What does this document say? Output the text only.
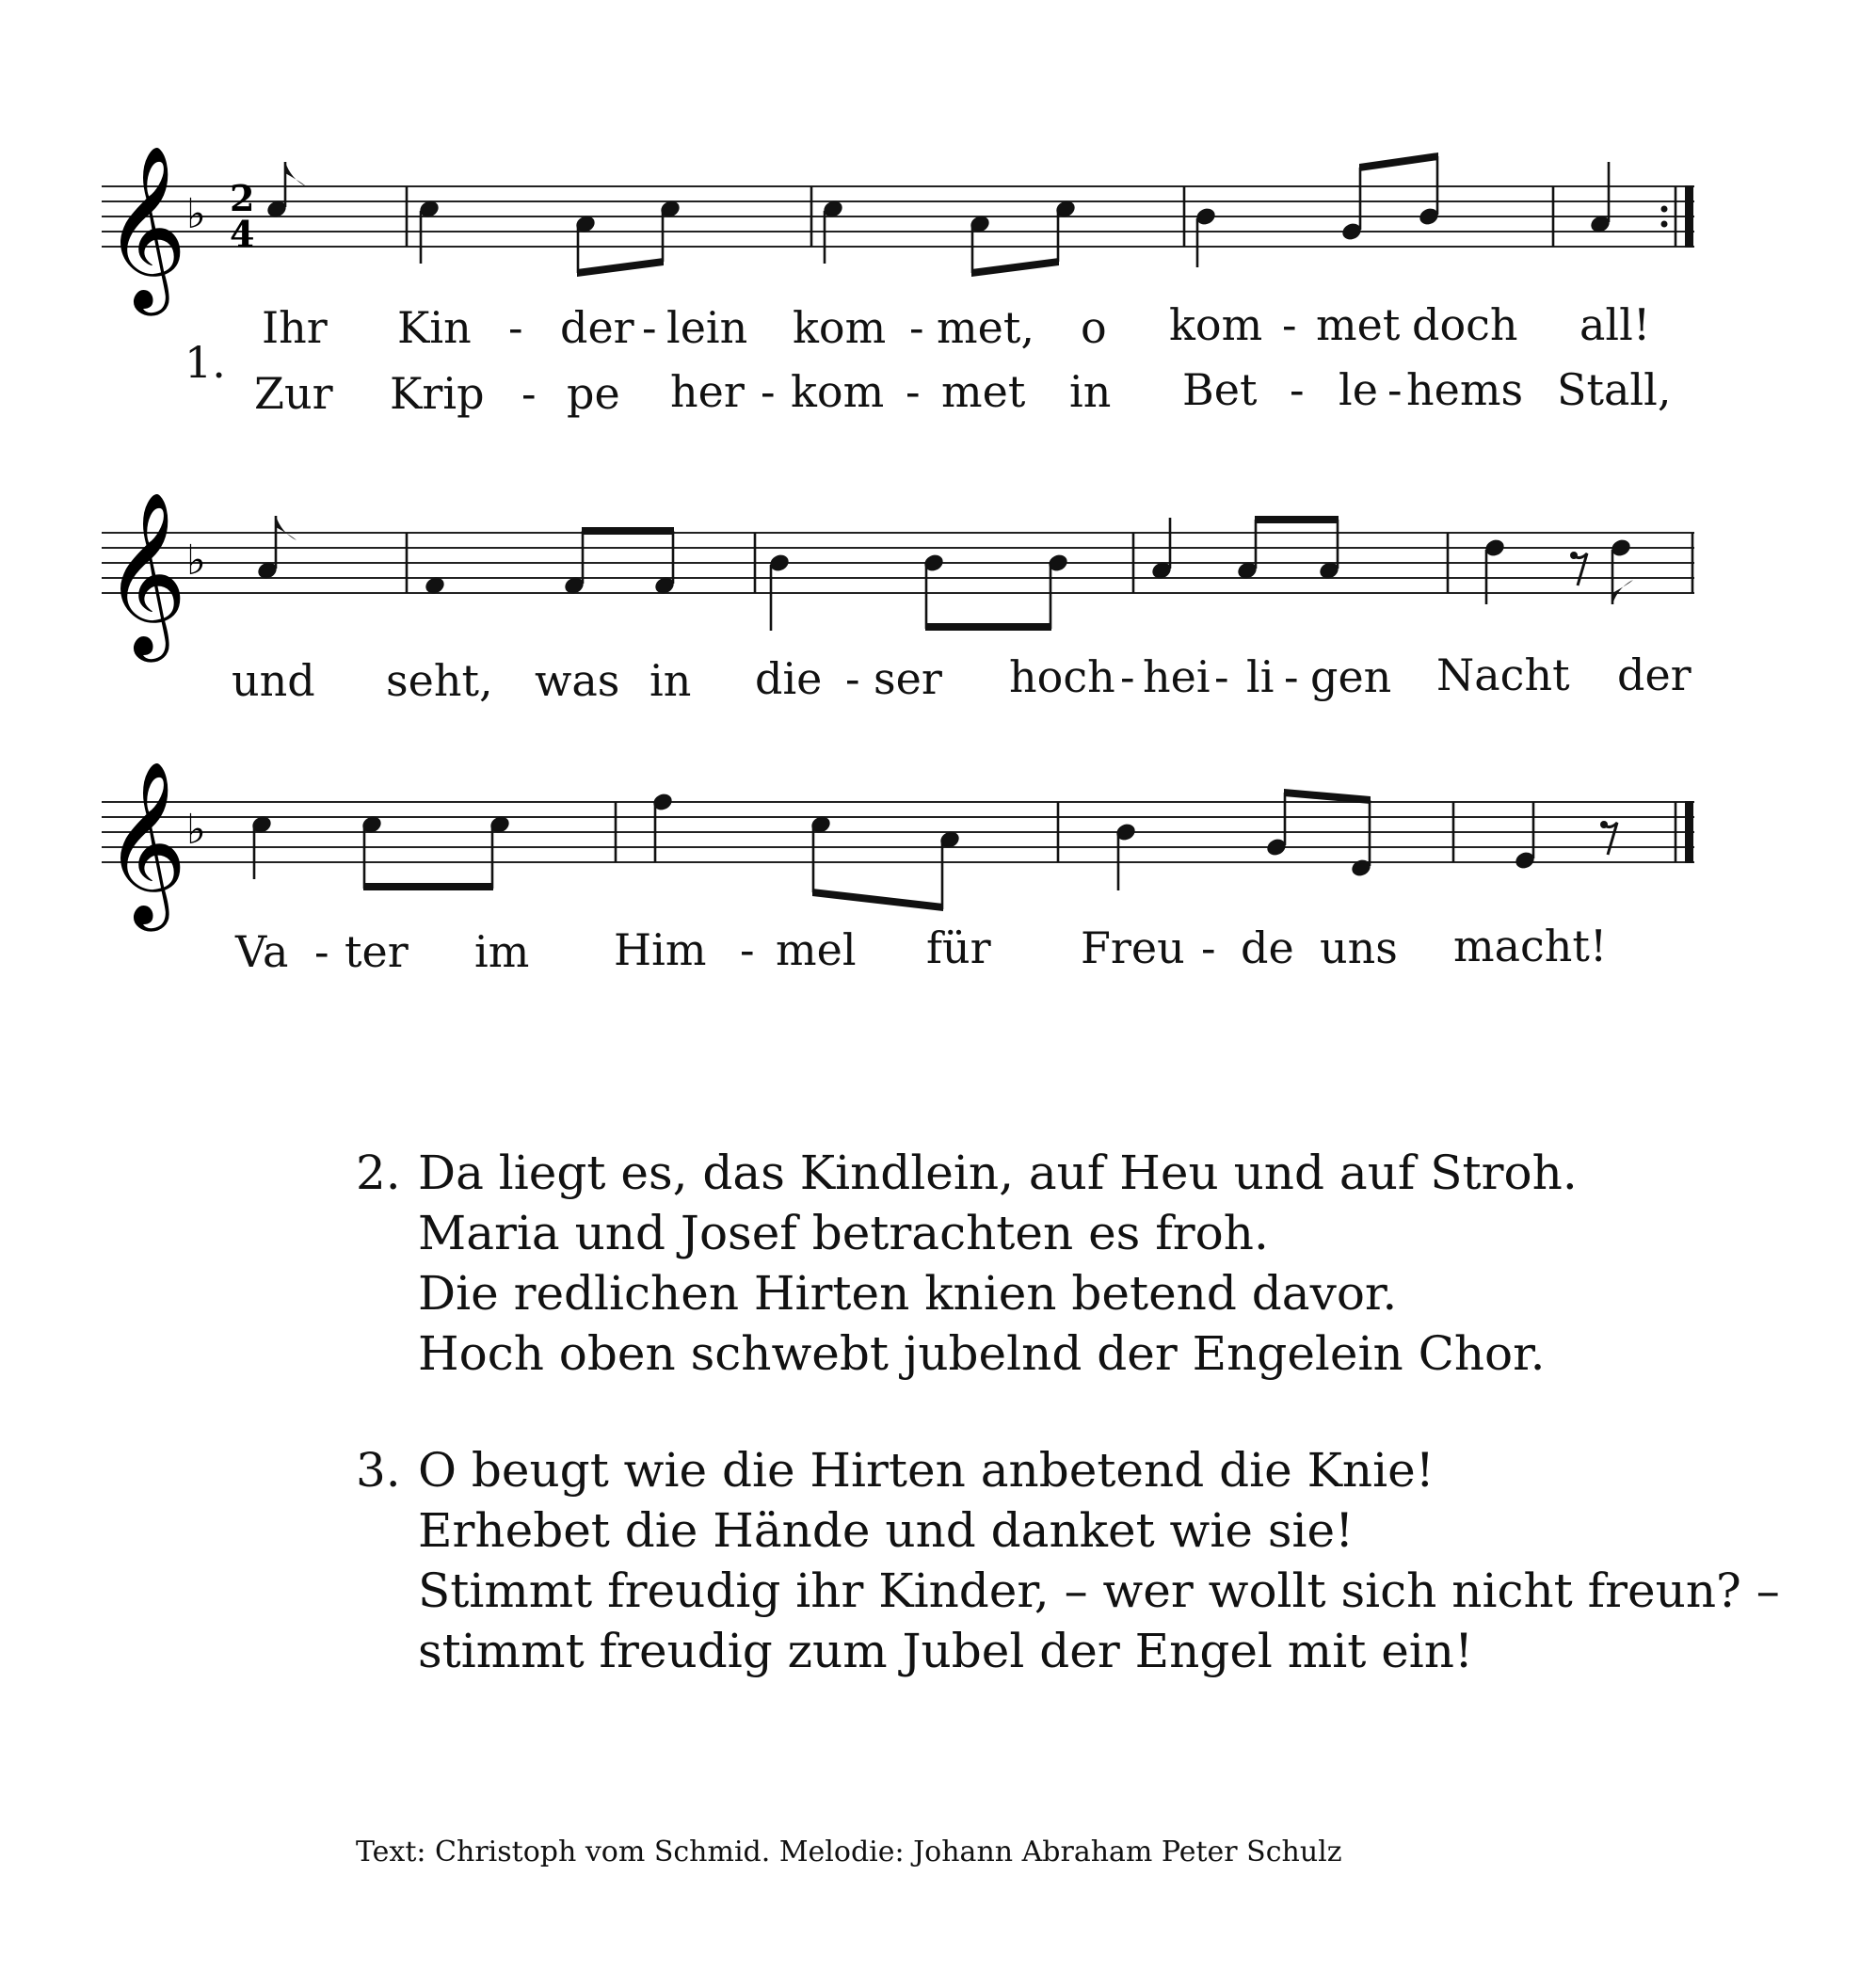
𝄞 ♭ 2
4
𝄞 ♭
𝄞 ♭
1.
Ihr Kin - der - lein kom - met, o kom - met doch all!
Zur Krip - pe her - kom - met in Bet - le - hems Stall,
und seht, was in die - ser hoch - hei - li - gen Nacht der
Va - ter im Him - mel für Freu - de uns macht!
2. Da liegt es, das Kindlein, auf Heu und auf Stroh.
Maria und Josef betrachten es froh.
Die redlichen Hirten knien betend davor.
Hoch oben schwebt jubelnd der Engelein Chor.
3. O beugt wie die Hirten anbetend die Knie!
Erhebet die Hände und danket wie sie!
Stimmt freudig ihr Kinder, – wer wollt sich nicht freun? –
stimmt freudig zum Jubel der Engel mit ein!
Text: Christoph vom Schmid. Melodie: Johann Abraham Peter Schulz
